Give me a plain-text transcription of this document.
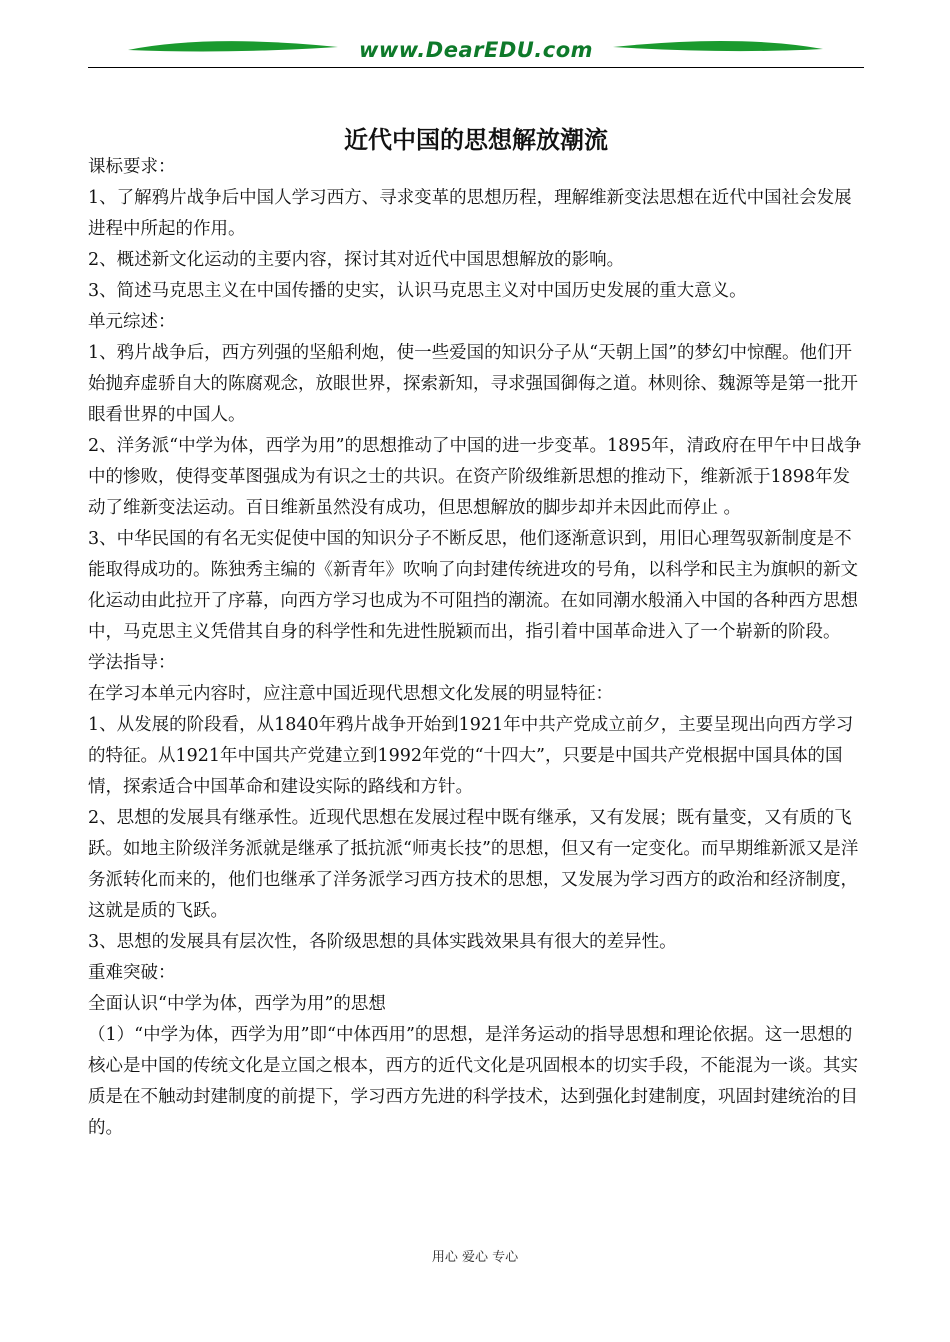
www.DearEDU.com
近代中国的思想解放潮流

课标要求：

1、了解鸦片战争后中国人学习西方、寻求变革的思想历程，理解维新变法思想在近代中国社会发展进程中所起的作用。

2、概述新文化运动的主要内容，探讨其对近代中国思想解放的影响。

3、简述马克思主义在中国传播的史实，认识马克思主义对中国历史发展的重大意义。

单元综述：

1、鸦片战争后，西方列强的坚船利炮，使一些爱国的知识分子从“天朝上国”的梦幻中惊醒。他们开始抛弃虚骄自大的陈腐观念，放眼世界，探索新知，寻求强国御侮之道。林则徐、魏源等是第一批开眼看世界的中国人。

2、洋务派“中学为体，西学为用”的思想推动了中国的进一步变革。1895年，清政府在甲午中日战争中的惨败，使得变革图强成为有识之士的共识。在资产阶级维新思想的推动下，维新派于1898年发动了维新变法运动。百日维新虽然没有成功，但思想解放的脚步却并未因此而停止 。

3、中华民国的有名无实促使中国的知识分子不断反思，他们逐渐意识到，用旧心理驾驭新制度是不能取得成功的。陈独秀主编的《新青年》吹响了向封建传统进攻的号角，以科学和民主为旗帜的新文化运动由此拉开了序幕，向西方学习也成为不可阻挡的潮流。在如同潮水般涌入中国的各种西方思想中，马克思主义凭借其自身的科学性和先进性脱颖而出，指引着中国革命进入了一个崭新的阶段。

学法指导：

在学习本单元内容时，应注意中国近现代思想文化发展的明显特征：

1、从发展的阶段看，从1840年鸦片战争开始到1921年中共产党成立前夕，主要呈现出向西方学习的特征。从1921年中国共产党建立到1992年党的“十四大”，只要是中国共产党根据中国具体的国情，探索适合中国革命和建设实际的路线和方针。

2、思想的发展具有继承性。近现代思想在发展过程中既有继承，又有发展；既有量变，又有质的飞跃。如地主阶级洋务派就是继承了抵抗派“师夷长技”的思想，但又有一定变化。而早期维新派又是洋务派转化而来的，他们也继承了洋务派学习西方技术的思想，又发展为学习西方的政治和经济制度，这就是质的飞跃。

3、思想的发展具有层次性，各阶级思想的具体实践效果具有很大的差异性。

重难突破：

全面认识“中学为体，西学为用”的思想

（1）“中学为体，西学为用”即“中体西用”的思想，是洋务运动的指导思想和理论依据。这一思想的核心是中国的传统文化是立国之根本，西方的近代文化是巩固根本的切实手段，不能混为一谈。其实质是在不触动封建制度的前提下，学习西方先进的科学技术，达到强化封建制度，巩固封建统治的目的。

用心 爱心 专心
